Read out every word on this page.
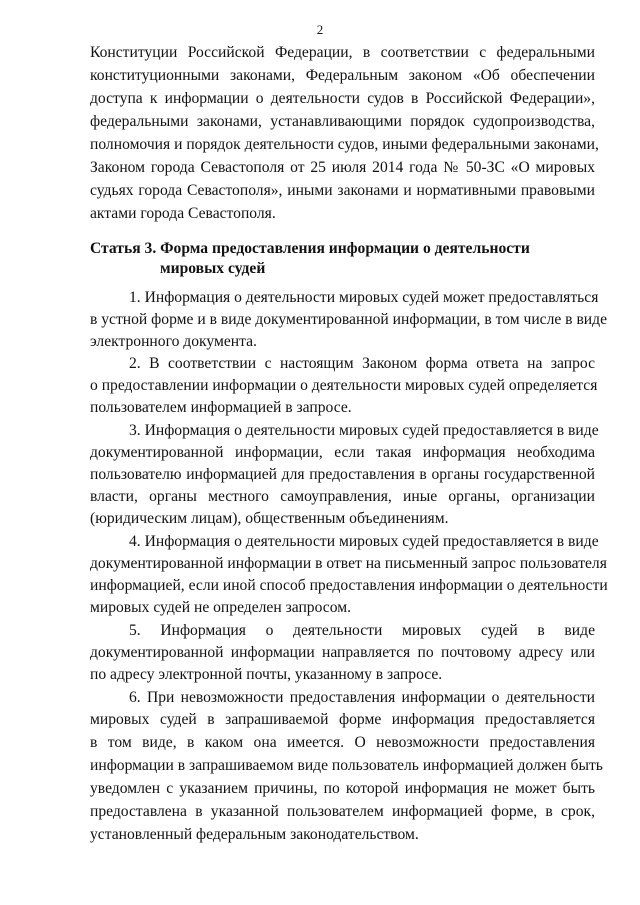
2
Конституции Российской Федерации, в соответствии с федеральными
конституционными законами, Федеральным законом «Об обеспечении
доступа к информации о деятельности судов в Российской Федерации»,
федеральными законами, устанавливающими порядок судопроизводства,
полномочия и порядок деятельности судов, иными федеральными законами,
Законом города Севастополя от 25 июля 2014 года № 50-ЗС «О мировых
судьях города Севастополя», иными законами и нормативными правовыми
актами города Севастополя.
Статья 3. Форма предоставления информации о деятельности
мировых судей
1. Информация о деятельности мировых судей может предоставляться
в устной форме и в виде документированной информации, в том числе в виде
электронного документа.
2. В соответствии с настоящим Законом форма ответа на запрос
о предоставлении информации о деятельности мировых судей определяется
пользователем информацией в запросе.
3. Информация о деятельности мировых судей предоставляется в виде
документированной информации, если такая информация необходима
пользователю информацией для предоставления в органы государственной
власти, органы местного самоуправления, иные органы, организации
(юридическим лицам), общественным объединениям.
4. Информация о деятельности мировых судей предоставляется в виде
документированной информации в ответ на письменный запрос пользователя
информацией, если иной способ предоставления информации о деятельности
мировых судей не определен запросом.
5. Информация о деятельности мировых судей в виде
документированной информации направляется по почтовому адресу или
по адресу электронной почты, указанному в запросе.
6. При невозможности предоставления информации о деятельности
мировых судей в запрашиваемой форме информация предоставляется
в том виде, в каком она имеется. О невозможности предоставления
информации в запрашиваемом виде пользователь информацией должен быть
уведомлен с указанием причины, по которой информация не может быть
предоставлена в указанной пользователем информацией форме, в срок,
установленный федеральным законодательством.
